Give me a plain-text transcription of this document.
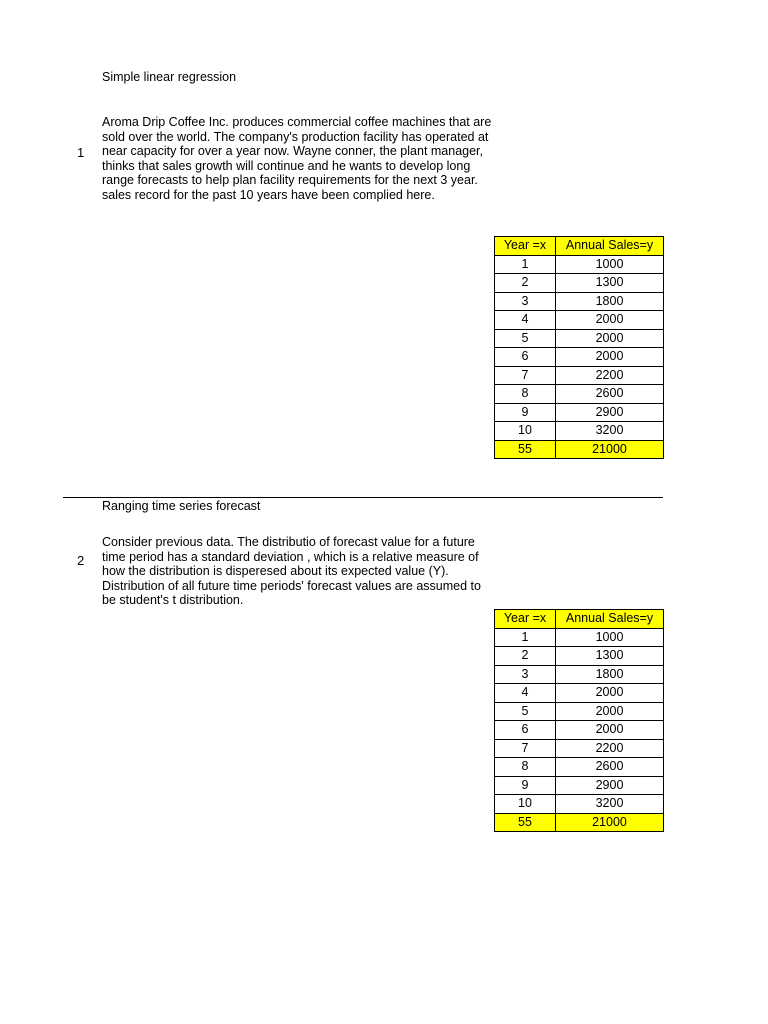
Simple linear regression
1

Aroma Drip Coffee Inc. produces commercial coffee machines that are sold over the world. The company's production facility has operated at near capacity for over a year now. Wayne conner, the plant manager, thinks that sales growth will continue and he wants to develop long range forecasts to help plan facility requirements for the next 3 year. sales record for the past 10 years have been complied here.

Year =x	Annual Sales=y
1	1000
2	1300
3	1800
4	2000
5	2000
6	2000
7	2200
8	2600
9	2900
10	3200
55	21000
Ranging time series forecast
2

Consider previous data. The distributio of forecast value for a future time period has a standard deviation , which is a relative measure of how the distribution is disperesed about its expected value (Y). Distribution of all future time periods' forecast values are assumed to be student's t distribution.

Year =x	Annual Sales=y
1	1000
2	1300
3	1800
4	2000
5	2000
6	2000
7	2200
8	2600
9	2900
10	3200
55	21000
